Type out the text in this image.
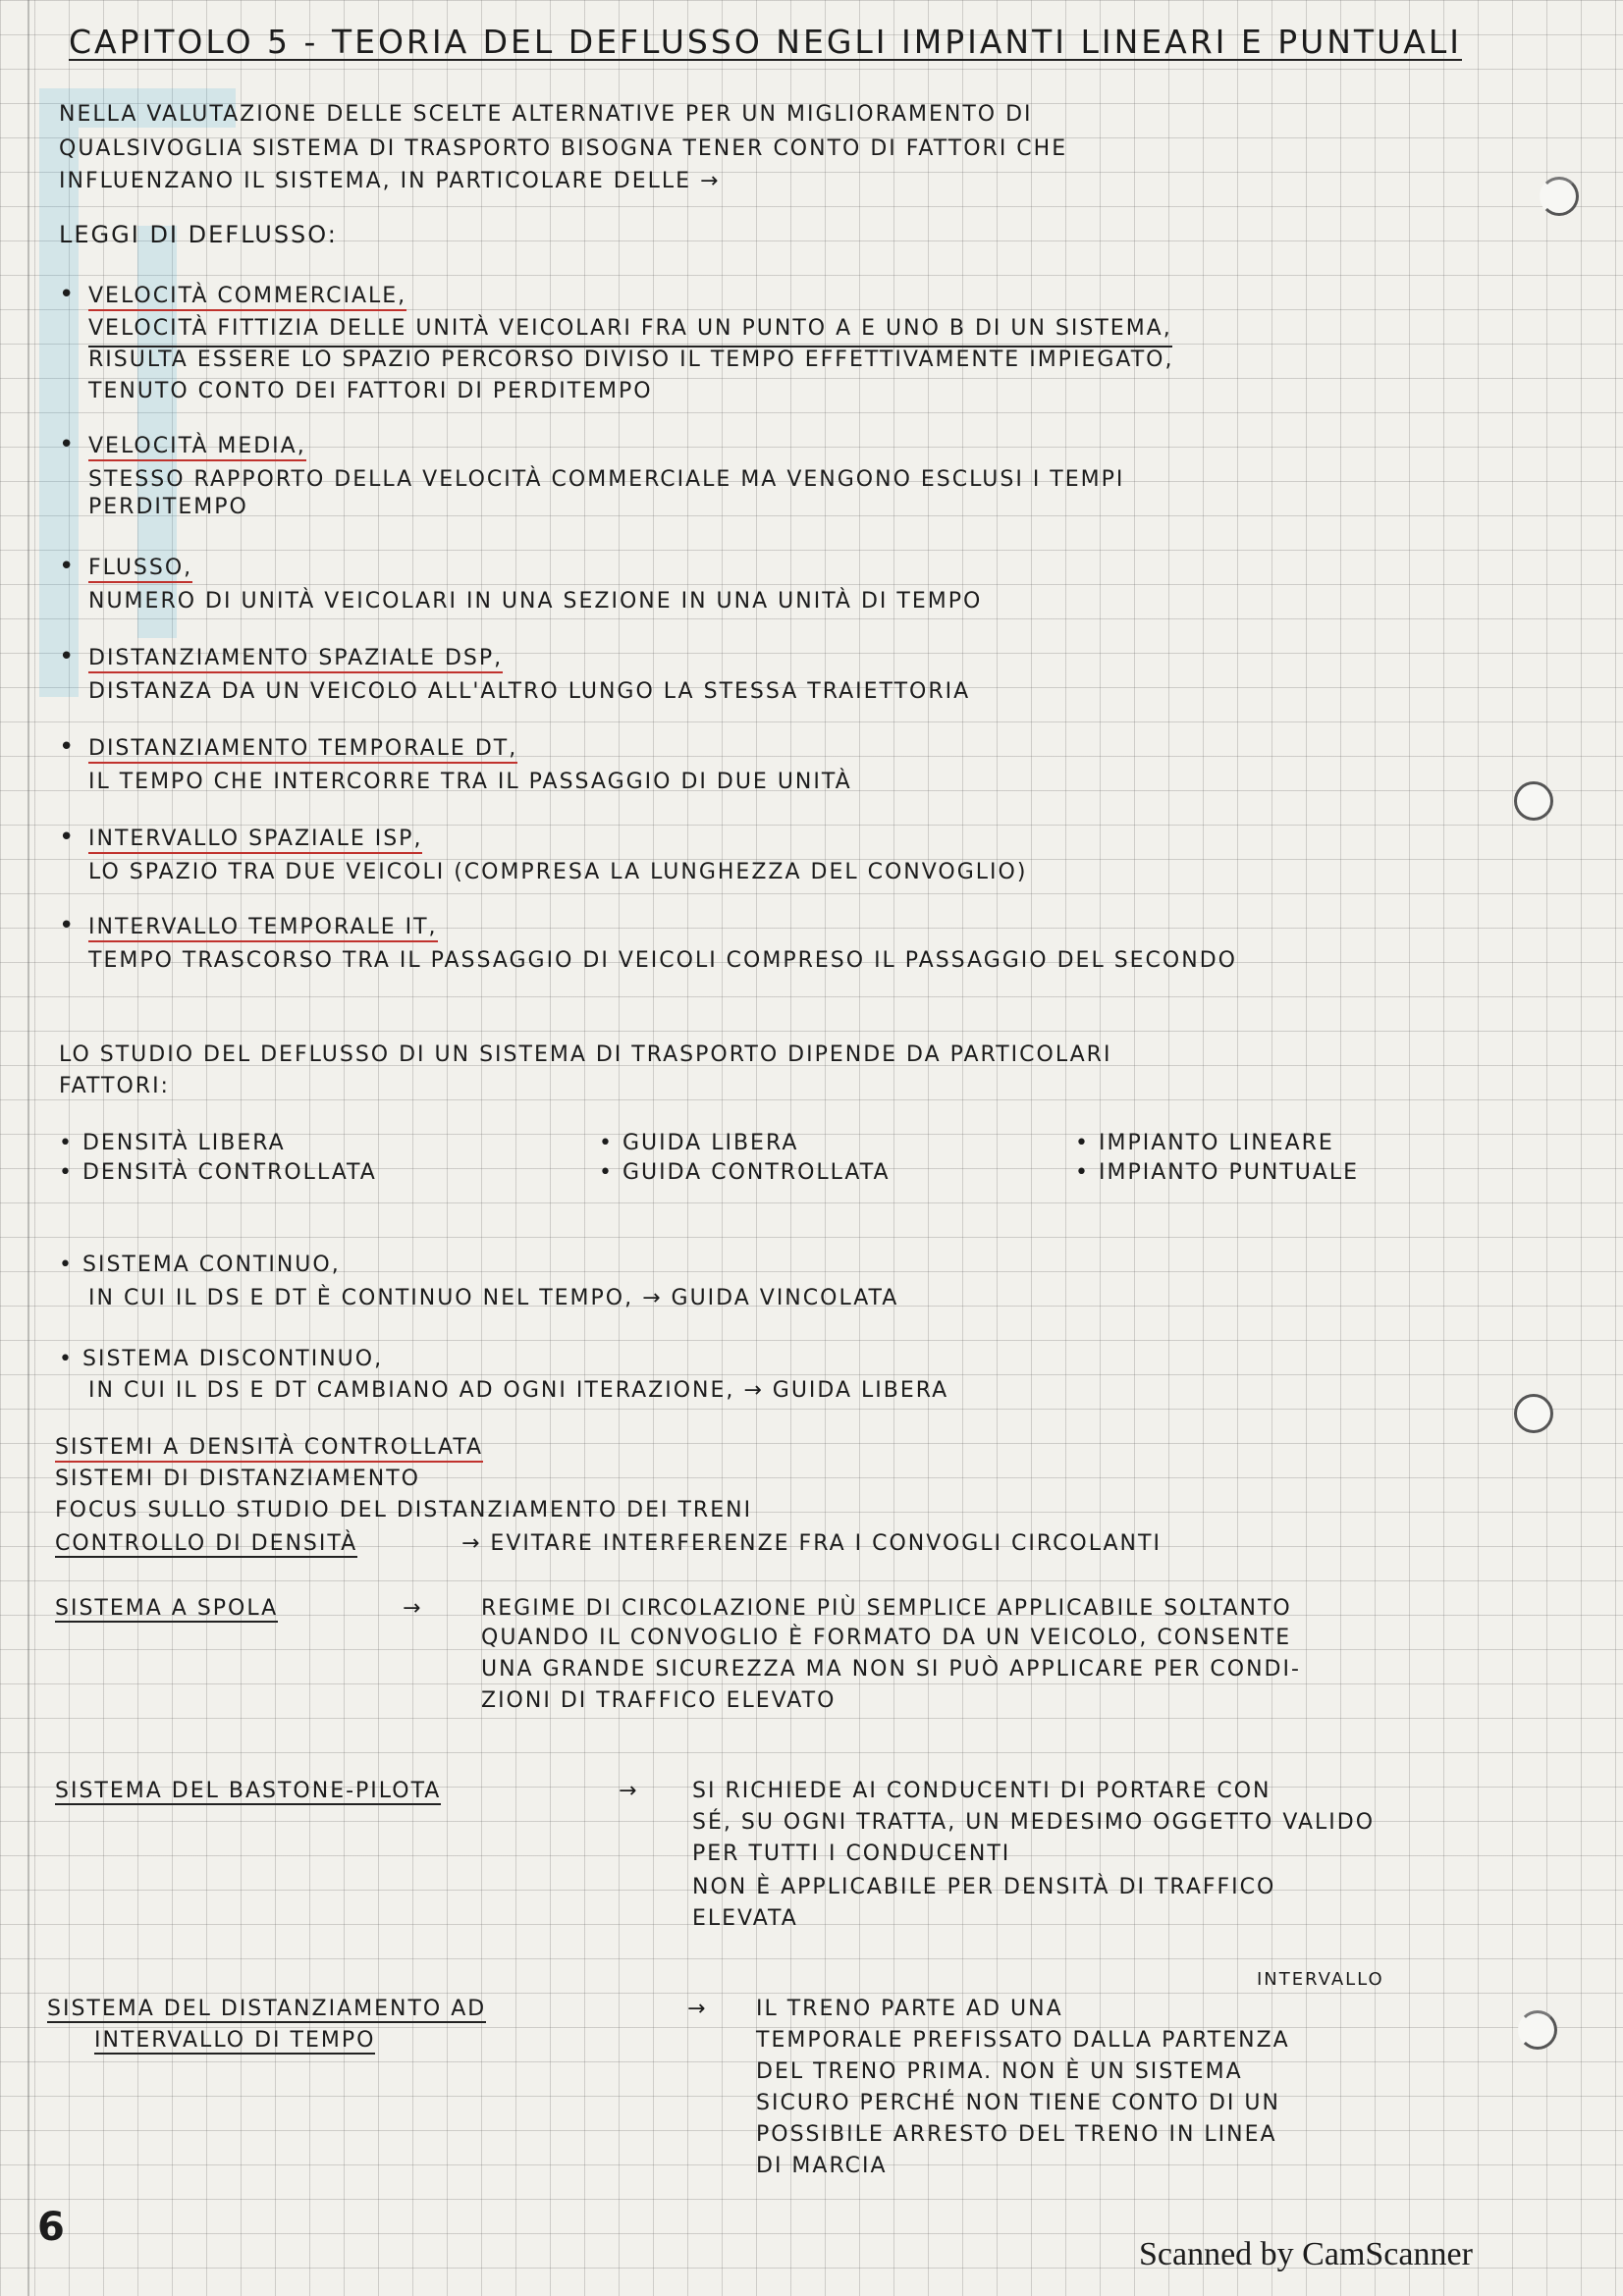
CAPITOLO 5 - TEORIA DEL DEFLUSSO NEGLI IMPIANTI LINEARI E PUNTUALI
NELLA VALUTAZIONE DELLE SCELTE ALTERNATIVE PER UN MIGLIORAMENTO DI
QUALSIVOGLIA SISTEMA DI TRASPORTO BISOGNA TENER CONTO DI FATTORI CHE
INFLUENZANO IL SISTEMA, IN PARTICOLARE DELLE →
LEGGI DI DEFLUSSO:
• VELOCITÀ COMMERCIALE,
VELOCITÀ FITTIZIA DELLE UNITÀ VEICOLARI FRA UN PUNTO A E UNO B DI UN SISTEMA,
RISULTA ESSERE LO SPAZIO PERCORSO DIVISO IL TEMPO EFFETTIVAMENTE IMPIEGATO,
TENUTO CONTO DEI FATTORI DI PERDITEMPO
• VELOCITÀ MEDIA,
STESSO RAPPORTO DELLA VELOCITÀ COMMERCIALE MA VENGONO ESCLUSI I TEMPI
PERDITEMPO
• FLUSSO,
NUMERO DI UNITÀ VEICOLARI IN UNA SEZIONE IN UNA UNITÀ DI TEMPO
• DISTANZIAMENTO SPAZIALE DSP,
DISTANZA DA UN VEICOLO ALL'ALTRO LUNGO LA STESSA TRAIETTORIA
• DISTANZIAMENTO TEMPORALE DT,
IL TEMPO CHE INTERCORRE TRA IL PASSAGGIO DI DUE UNITÀ
• INTERVALLO SPAZIALE ISP,
LO SPAZIO TRA DUE VEICOLI (COMPRESA LA LUNGHEZZA DEL CONVOGLIO)
• INTERVALLO TEMPORALE IT,
TEMPO TRASCORSO TRA IL PASSAGGIO DI VEICOLI COMPRESO IL PASSAGGIO DEL SECONDO
LO STUDIO DEL DEFLUSSO DI UN SISTEMA DI TRASPORTO DIPENDE DA PARTICOLARI
FATTORI:
• DENSITÀ LIBERA
• DENSITÀ CONTROLLATA
• GUIDA LIBERA
• GUIDA CONTROLLATA
• IMPIANTO LINEARE
• IMPIANTO PUNTUALE
• SISTEMA CONTINUO,
IN CUI IL DS E DT È CONTINUO NEL TEMPO, → GUIDA VINCOLATA
• SISTEMA DISCONTINUO,
IN CUI IL DS E DT CAMBIANO AD OGNI ITERAZIONE, → GUIDA LIBERA
SISTEMI A DENSITÀ CONTROLLATA
SISTEMI DI DISTANZIAMENTO
FOCUS SULLO STUDIO DEL DISTANZIAMENTO DEI TRENI
CONTROLLO DI DENSITÀ	→ EVITARE INTERFERENZE FRA I CONVOGLI CIRCOLANTI
SISTEMA A SPOLA	→	REGIME DI CIRCOLAZIONE PIÙ SEMPLICE APPLICABILE SOLTANTO
QUANDO IL CONVOGLIO È FORMATO DA UN VEICOLO, CONSENTE
UNA GRANDE SICUREZZA MA NON SI PUÒ APPLICARE PER CONDI-
ZIONI DI TRAFFICO ELEVATO
SISTEMA DEL BASTONE-PILOTA	→ SI RICHIEDE AI CONDUCENTI DI PORTARE CON
SÉ, SU OGNI TRATTA, UN MEDESIMO OGGETTO VALIDO
PER TUTTI I CONDUCENTI
NON È APPLICABILE PER DENSITÀ DI TRAFFICO
ELEVATA
INTERVALLO
SISTEMA DEL DISTANZIAMENTO AD
INTERVALLO DI TEMPO
→ IL TRENO PARTE AD UNA
TEMPORALE PREFISSATO DALLA PARTENZA
DEL TRENO PRIMA. NON È UN SISTEMA
SICURO PERCHÉ NON TIENE CONTO DI UN
POSSIBILE ARRESTO DEL TRENO IN LINEA
DI MARCIA
6
Scanned by CamScanner
